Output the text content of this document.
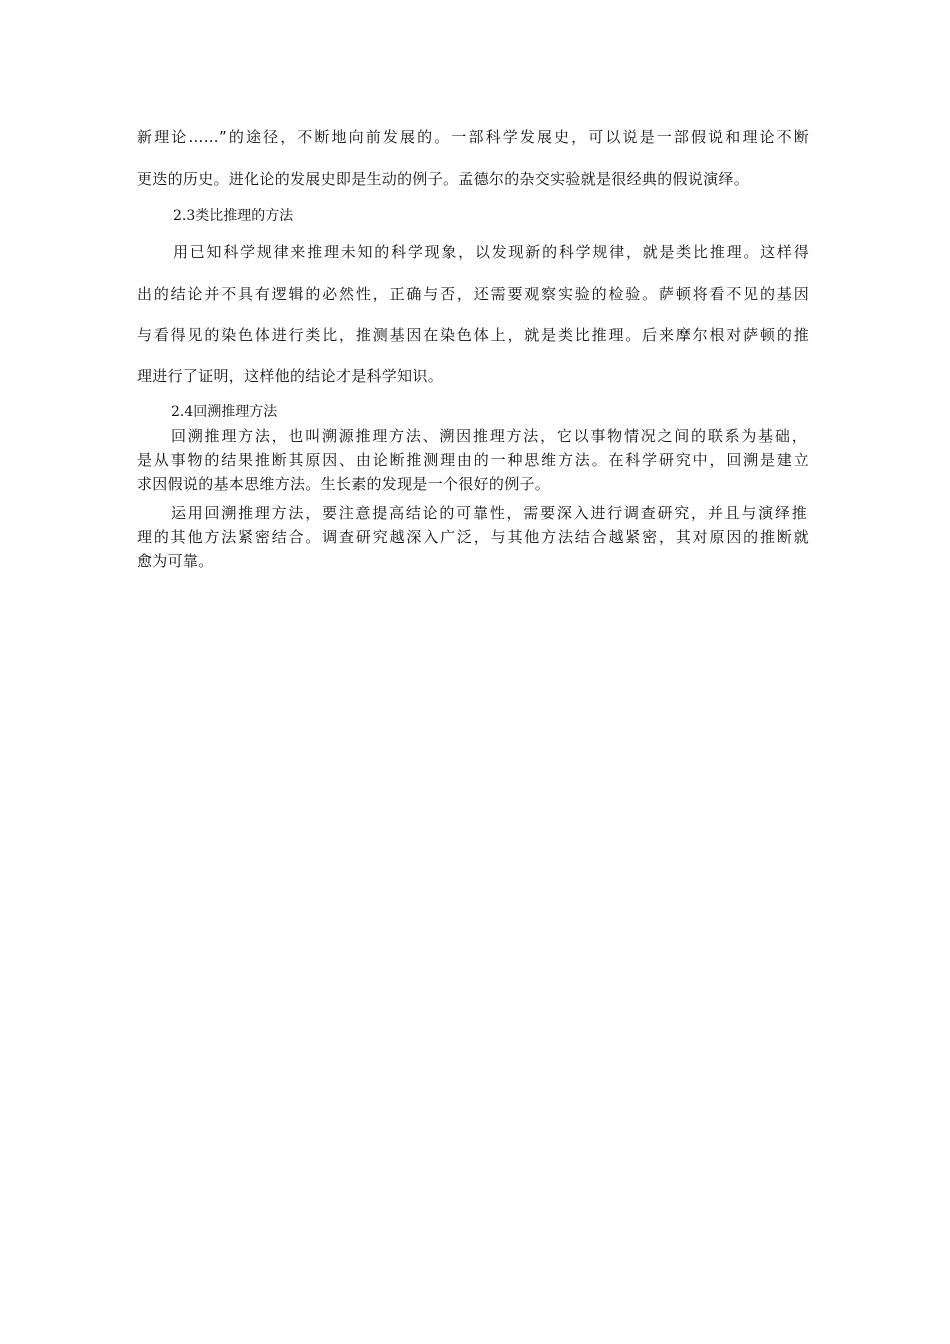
新理论……”的途径，不断地向前发展的。一部科学发展史，可以说是一部假说和理论不断
更迭的历史。进化论的发展史即是生动的例子。孟德尔的杂交实验就是很经典的假说演绎。
2.3类比推理的方法
用已知科学规律来推理未知的科学现象，以发现新的科学规律，就是类比推理。这样得
出的结论并不具有逻辑的必然性，正确与否，还需要观察实验的检验。萨顿将看不见的基因
与看得见的染色体进行类比，推测基因在染色体上，就是类比推理。后来摩尔根对萨顿的推
理进行了证明，这样他的结论才是科学知识。
2.4回溯推理方法
回溯推理方法，也叫溯源推理方法、溯因推理方法，它以事物情况之间的联系为基础，
是从事物的结果推断其原因、由论断推测理由的一种思维方法。在科学研究中，回溯是建立
求因假说的基本思维方法。生长素的发现是一个很好的例子。
运用回溯推理方法，要注意提高结论的可靠性，需要深入进行调查研究，并且与演绎推
理的其他方法紧密结合。调查研究越深入广泛，与其他方法结合越紧密，其对原因的推断就
愈为可靠。
